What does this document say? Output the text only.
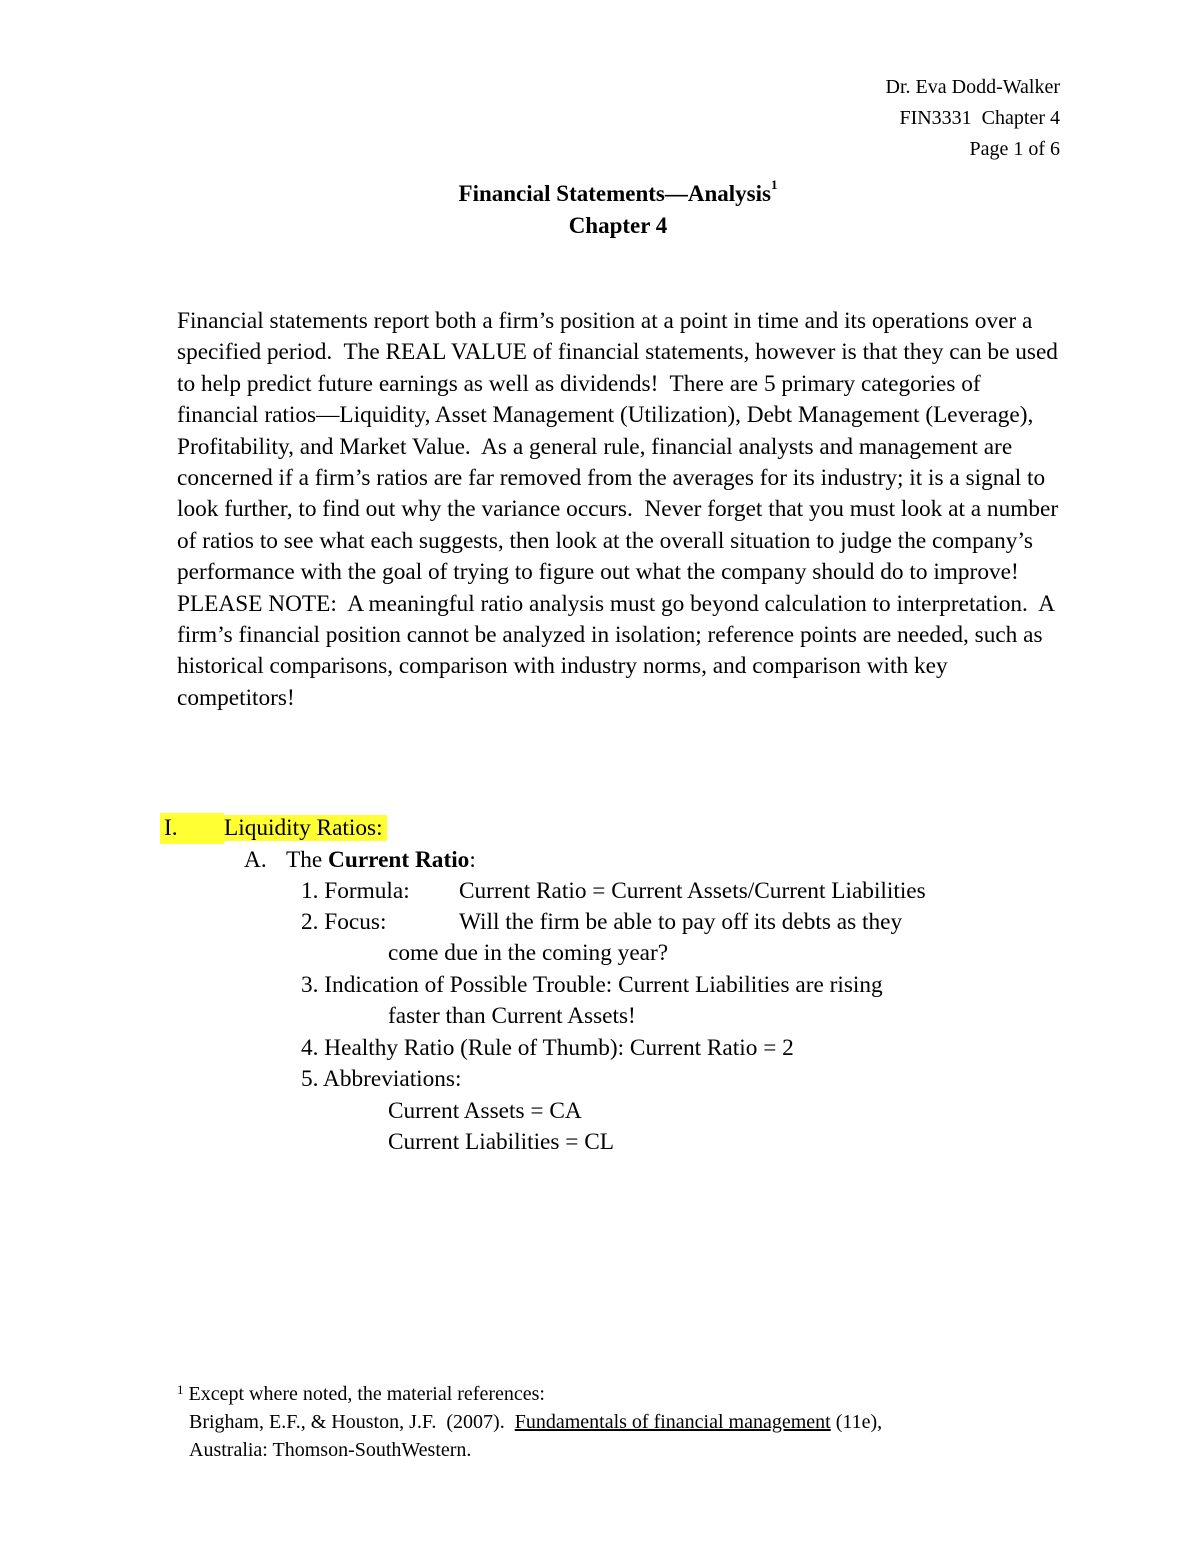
Dr. Eva Dodd-Walker
FIN3331  Chapter 4
Page 1 of 6
Financial Statements—Analysis$^1$
Chapter 4

Financial statements report both a firm’s position at a point in time and its operations over a specified period.  The REAL VALUE of financial statements, however is that they can be used to help predict future earnings as well as dividends!  There are 5 primary categories of financial ratios—Liquidity, Asset Management (Utilization), Debt Management (Leverage), Profitability, and Market Value.  As a general rule, financial analysts and management are concerned if a firm’s ratios are far removed from the averages for its industry; it is a signal to look further, to find out why the variance occurs.  Never forget that you must look at a number of ratios to see what each suggests, then look at the overall situation to judge the company’s performance with the goal of trying to figure out what the company should do to improve!  PLEASE NOTE:  A meaningful ratio analysis must go beyond calculation to interpretation.  A firm’s financial position cannot be analyzed in isolation; reference points are needed, such as historical comparisons, comparison with industry norms, and comparison with key competitors!

I. Liquidity Ratios:
A. The Current Ratio:
1. Formula: Current Ratio = Current Assets/Current Liabilities
2. Focus:	Will the firm be able to pay off its debts as they
come due in the coming year?
3. Indication of Possible Trouble: Current Liabilities are rising
faster than Current Assets!
4. Healthy Ratio (Rule of Thumb): Current Ratio = 2
5. Abbreviations:
Current Assets = CA
Current Liabilities = CL
$^1$ Except where noted, the material references:
Brigham, E.F., & Houston, J.F.  (2007).  Fundamentals of financial management (11e),
Australia: Thomson-SouthWestern.
